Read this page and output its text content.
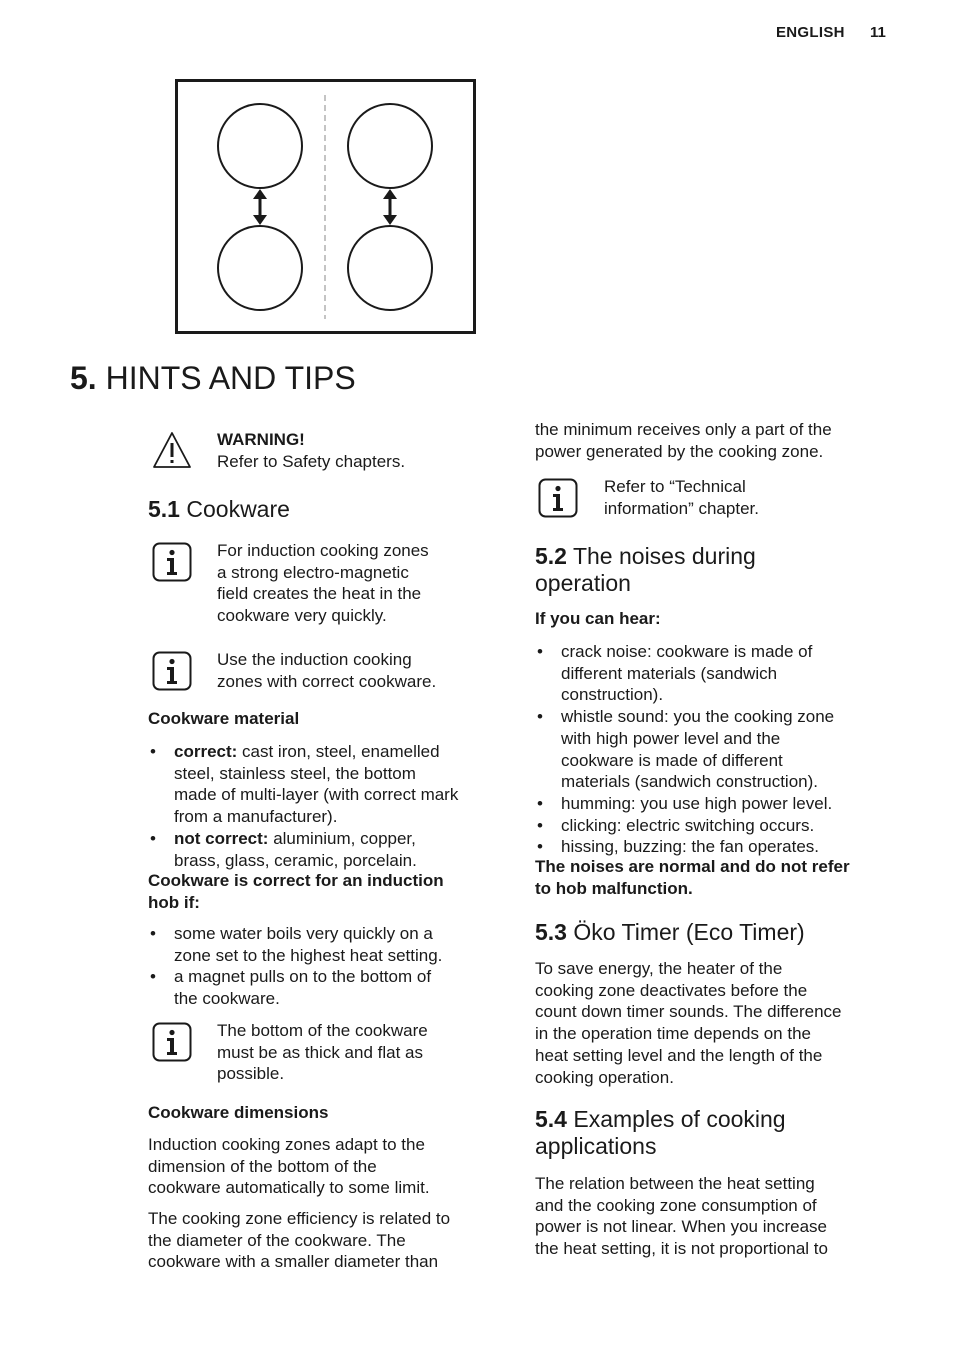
ENGLISH 11
5. HINTS AND TIPS
WARNING!
Refer to Safety chapters.
5.1 Cookware
For induction cooking zones
a strong electro-magnetic
field creates the heat in the
cookware very quickly.
Use the induction cooking
zones with correct cookware.
Cookware material
• correct: cast iron, steel, enamelled
steel, stainless steel, the bottom
made of multi-layer (with correct mark
from a manufacturer).
• not correct: aluminium, copper,
brass, glass, ceramic, porcelain.
Cookware is correct for an induction
hob if:
• some water boils very quickly on a
zone set to the highest heat setting.
• a magnet pulls on to the bottom of
the cookware.
The bottom of the cookware
must be as thick and flat as
possible.
Cookware dimensions
Induction cooking zones adapt to the
dimension of the bottom of the
cookware automatically to some limit.
The cooking zone efficiency is related to
the diameter of the cookware. The
cookware with a smaller diameter than
the minimum receives only a part of the
power generated by the cooking zone.
Refer to “Technical
information” chapter.
5.2 The noises during
operation
If you can hear:
• crack noise: cookware is made of
different materials (sandwich
construction).
• whistle sound: you the cooking zone
with high power level and the
cookware is made of different
materials (sandwich construction).
• humming: you use high power level.
• clicking: electric switching occurs.
• hissing, buzzing: the fan operates.
The noises are normal and do not refer
to hob malfunction.
5.3 Öko Timer (Eco Timer)
To save energy, the heater of the
cooking zone deactivates before the
count down timer sounds. The difference
in the operation time depends on the
heat setting level and the length of the
cooking operation.
5.4 Examples of cooking
applications
The relation between the heat setting
and the cooking zone consumption of
power is not linear. When you increase
the heat setting, it is not proportional to
